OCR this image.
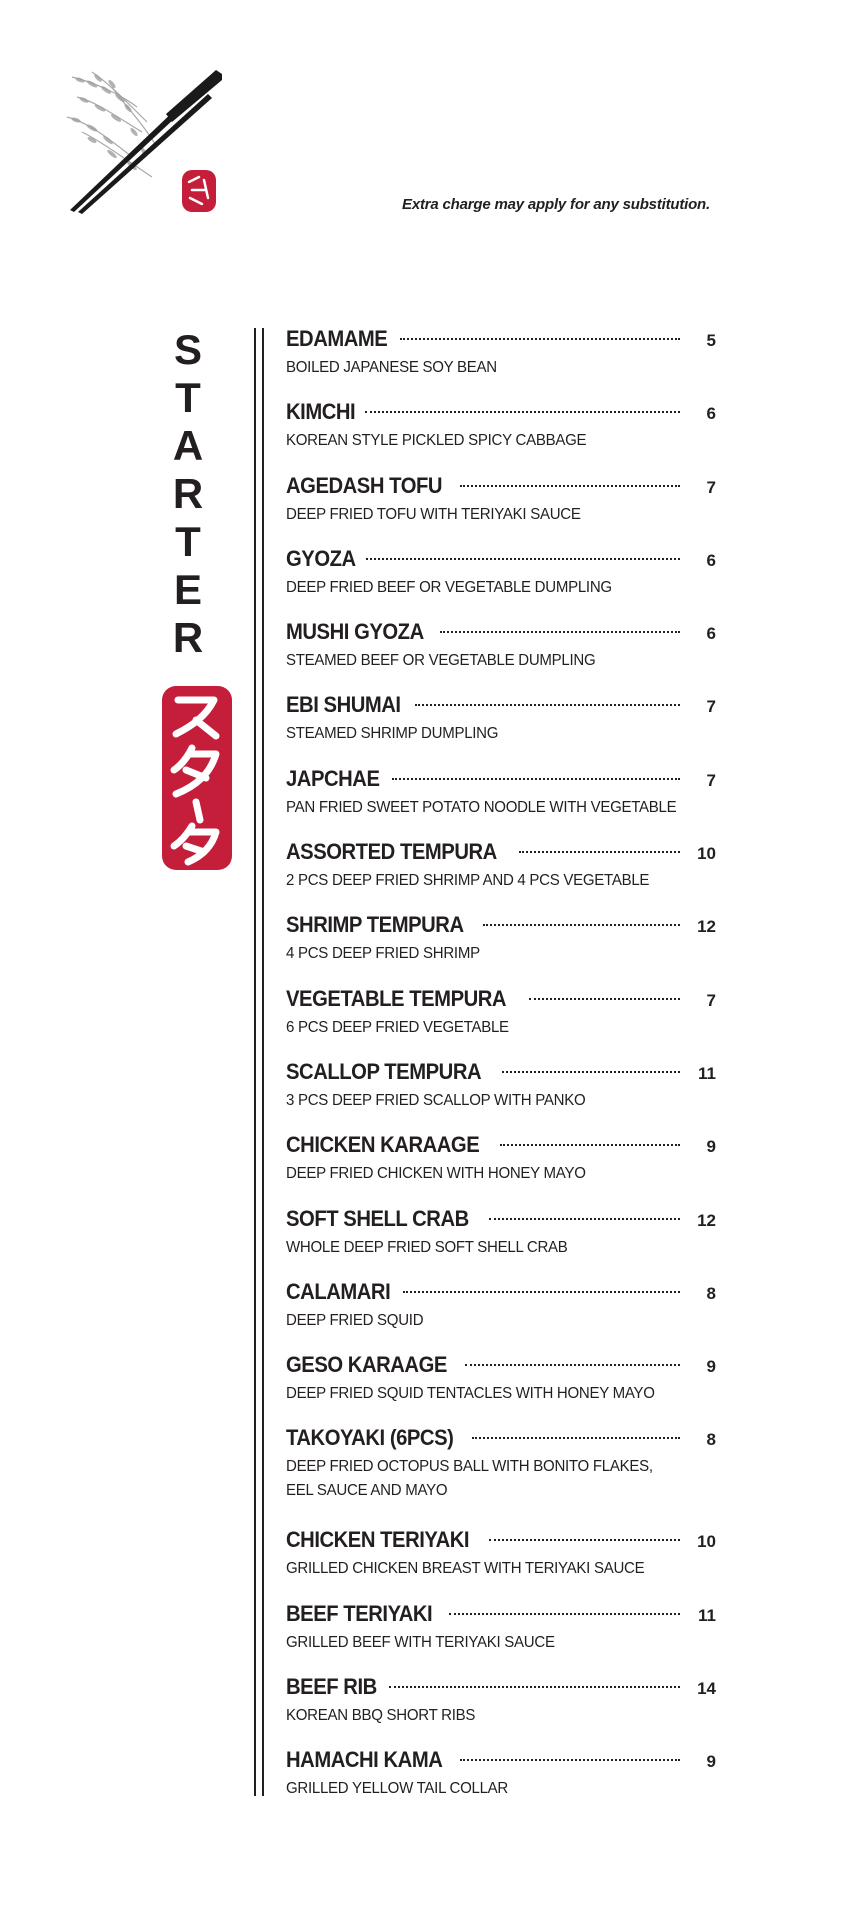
Extra charge may apply for any substitution.
S
T
A
R
T
E
R
EDAMAME	5
BOILED JAPANESE SOY BEAN
KIMCHI	6
KOREAN STYLE PICKLED SPICY CABBAGE
AGEDASH TOFU	7
DEEP FRIED TOFU WITH TERIYAKI SAUCE
GYOZA	6
DEEP FRIED BEEF OR VEGETABLE DUMPLING
MUSHI GYOZA	6
STEAMED BEEF OR VEGETABLE DUMPLING
EBI SHUMAI	7
STEAMED SHRIMP DUMPLING
JAPCHAE	7
PAN FRIED SWEET POTATO NOODLE WITH VEGETABLE
ASSORTED TEMPURA	10
2 PCS DEEP FRIED SHRIMP AND 4 PCS VEGETABLE
SHRIMP TEMPURA	12
4 PCS DEEP FRIED SHRIMP
VEGETABLE TEMPURA	7
6 PCS DEEP FRIED VEGETABLE
SCALLOP TEMPURA	11
3 PCS DEEP FRIED SCALLOP WITH PANKO
CHICKEN KARAAGE	9
DEEP FRIED CHICKEN WITH HONEY MAYO
SOFT SHELL CRAB	12
WHOLE DEEP FRIED SOFT SHELL CRAB
CALAMARI	8
DEEP FRIED SQUID
GESO KARAAGE	9
DEEP FRIED SQUID TENTACLES WITH HONEY MAYO
TAKOYAKI (6PCS)	8
DEEP FRIED OCTOPUS BALL WITH BONITO FLAKES,
EEL SAUCE AND MAYO
CHICKEN TERIYAKI	10
GRILLED CHICKEN BREAST WITH TERIYAKI SAUCE
BEEF TERIYAKI	11
GRILLED BEEF WITH TERIYAKI SAUCE
BEEF RIB	14
KOREAN BBQ SHORT RIBS
HAMACHI KAMA	9
GRILLED YELLOW TAIL COLLAR
